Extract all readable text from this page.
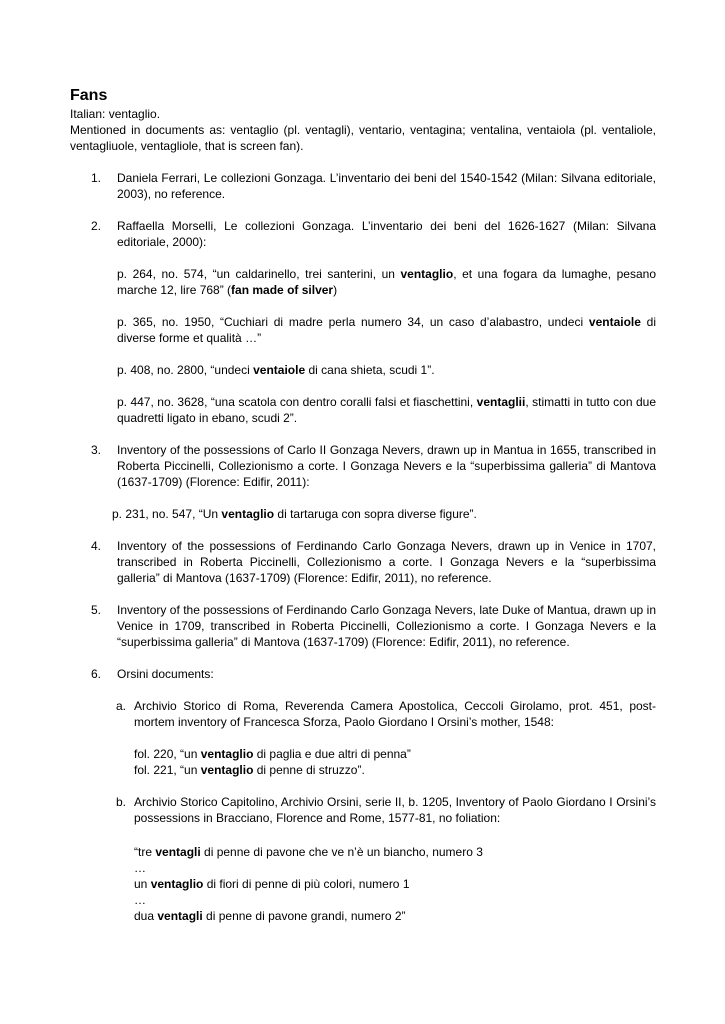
Fans

Italian: ventaglio.

Mentioned in documents as: ventaglio (pl. ventagli), ventario, ventagina; ventalina, ventaiola (pl. ventaliole, ventagliuole, ventagliole, that is screen fan).

1. Daniela Ferrari, Le collezioni Gonzaga. L’inventario dei beni del 1540-1542 (Milan: Silvana editoriale, 2003), no reference.
2. Raffaella Morselli, Le collezioni Gonzaga. L’inventario dei beni del 1626-1627 (Milan: Silvana editoriale, 2000):
p. 264, no. 574, “un caldarinello, trei santerini, un ventaglio, et una fogara da lumaghe, pesano marche 12, lire 768” (fan made of silver)
p. 365, no. 1950, “Cuchiari di madre perla numero 34, un caso d’alabastro, undeci ventaiole di diverse forme et qualità …”
p. 408, no. 2800, “undeci ventaiole di cana shieta, scudi 1”.
p. 447, no. 3628, “una scatola con dentro coralli falsi et fiaschettini, ventaglii, stimatti in tutto con due quadretti ligato in ebano, scudi 2”.
3. Inventory of the possessions of Carlo II Gonzaga Nevers, drawn up in Mantua in 1655, transcribed in Roberta Piccinelli, Collezionismo a corte. I Gonzaga Nevers e la “superbissima galleria” di Mantova (1637-1709) (Florence: Edifir, 2011):
p. 231, no. 547, “Un ventaglio di tartaruga con sopra diverse figure”.
4. Inventory of the possessions of Ferdinando Carlo Gonzaga Nevers, drawn up in Venice in 1707, transcribed in Roberta Piccinelli, Collezionismo a corte. I Gonzaga Nevers e la “superbissima galleria” di Mantova (1637-1709) (Florence: Edifir, 2011), no reference.
5. Inventory of the possessions of Ferdinando Carlo Gonzaga Nevers, late Duke of Mantua, drawn up in Venice in 1709, transcribed in Roberta Piccinelli, Collezionismo a corte. I Gonzaga Nevers e la “superbissima galleria” di Mantova (1637-1709) (Florence: Edifir, 2011), no reference.
6. Orsini documents:
a. Archivio Storico di Roma, Reverenda Camera Apostolica, Ceccoli Girolamo, prot. 451, post-mortem inventory of Francesca Sforza, Paolo Giordano I Orsini’s mother, 1548:
fol. 220, “un ventaglio di paglia e due altri di penna”
fol. 221, “un ventaglio di penne di struzzo”.
b. Archivio Storico Capitolino, Archivio Orsini, serie II, b. 1205, Inventory of Paolo Giordano I Orsini’s possessions in Bracciano, Florence and Rome, 1577-81, no foliation:
“tre ventagli di penne di pavone che ve n’è un biancho, numero 3
…
un ventaglio di fiori di penne di più colori, numero 1
…
dua ventagli di penne di pavone grandi, numero 2”
